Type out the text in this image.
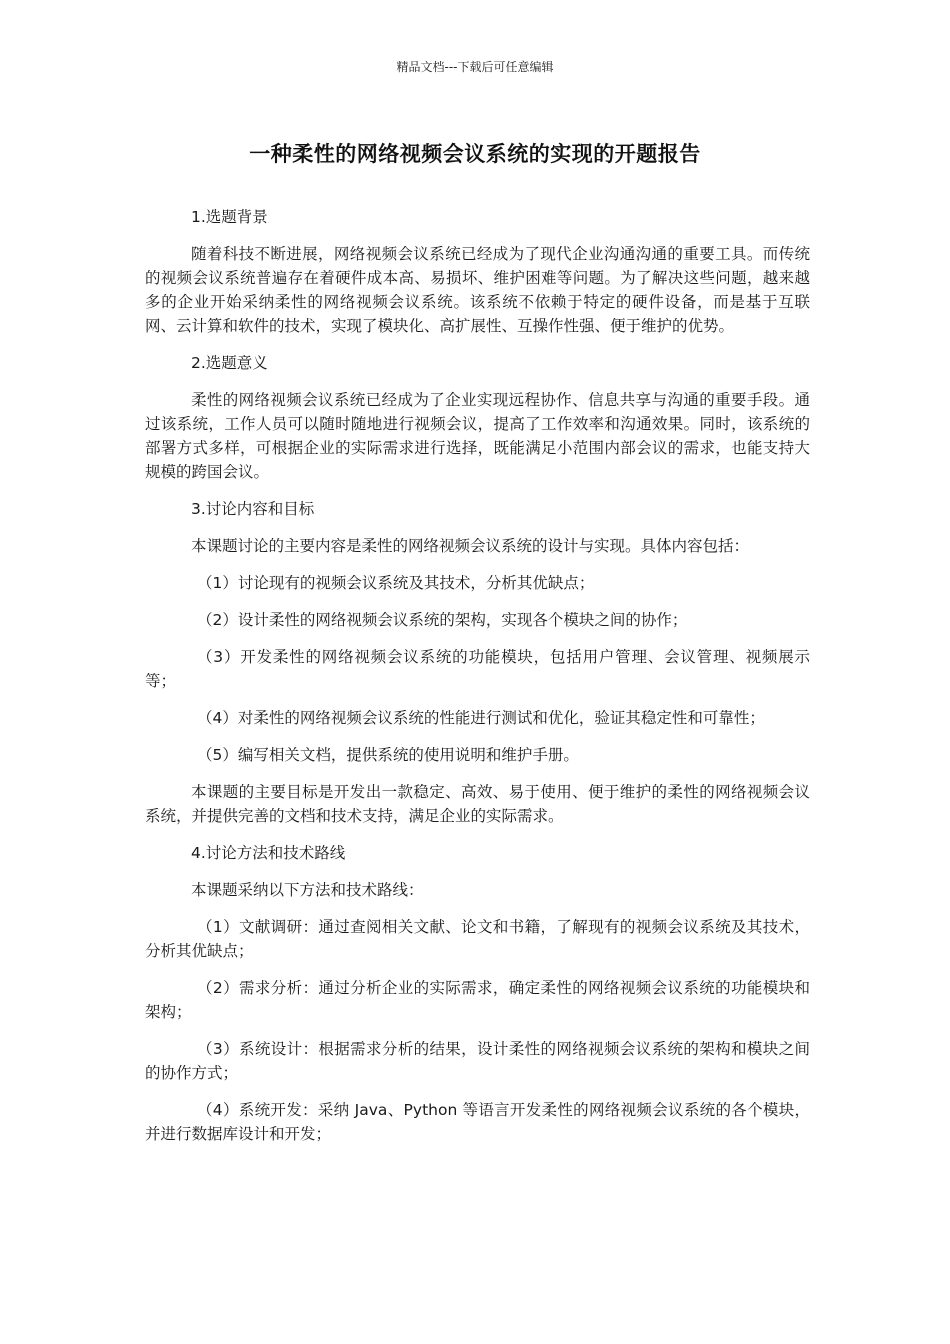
精品文档---下载后可任意编辑
一种柔性的网络视频会议系统的实现的开题报告
1.选题背景
随着科技不断进展，网络视频会议系统已经成为了现代企业沟通沟通的重要工具。而传统的视频会议系统普遍存在着硬件成本高、易损坏、维护困难等问题。为了解决这些问题，越来越多的企业开始采纳柔性的网络视频会议系统。该系统不依赖于特定的硬件设备，而是基于互联网、云计算和软件的技术，实现了模块化、高扩展性、互操作性强、便于维护的优势。
2.选题意义
柔性的网络视频会议系统已经成为了企业实现远程协作、信息共享与沟通的重要手段。通过该系统，工作人员可以随时随地进行视频会议，提高了工作效率和沟通效果。同时，该系统的部署方式多样，可根据企业的实际需求进行选择，既能满足小范围内部会议的需求，也能支持大规模的跨国会议。
3.讨论内容和目标
本课题讨论的主要内容是柔性的网络视频会议系统的设计与实现。具体内容包括：
（1）讨论现有的视频会议系统及其技术，分析其优缺点；
（2）设计柔性的网络视频会议系统的架构，实现各个模块之间的协作；
（3）开发柔性的网络视频会议系统的功能模块，包括用户管理、会议管理、视频展示等；
（4）对柔性的网络视频会议系统的性能进行测试和优化，验证其稳定性和可靠性；
（5）编写相关文档，提供系统的使用说明和维护手册。
本课题的主要目标是开发出一款稳定、高效、易于使用、便于维护的柔性的网络视频会议系统，并提供完善的文档和技术支持，满足企业的实际需求。
4.讨论方法和技术路线
本课题采纳以下方法和技术路线：
（1）文献调研：通过查阅相关文献、论文和书籍，了解现有的视频会议系统及其技术，分析其优缺点；
（2）需求分析：通过分析企业的实际需求，确定柔性的网络视频会议系统的功能模块和架构；
（3）系统设计：根据需求分析的结果，设计柔性的网络视频会议系统的架构和模块之间的协作方式；
（4）系统开发：采纳 Java、Python 等语言开发柔性的网络视频会议系统的各个模块，并进行数据库设计和开发；
